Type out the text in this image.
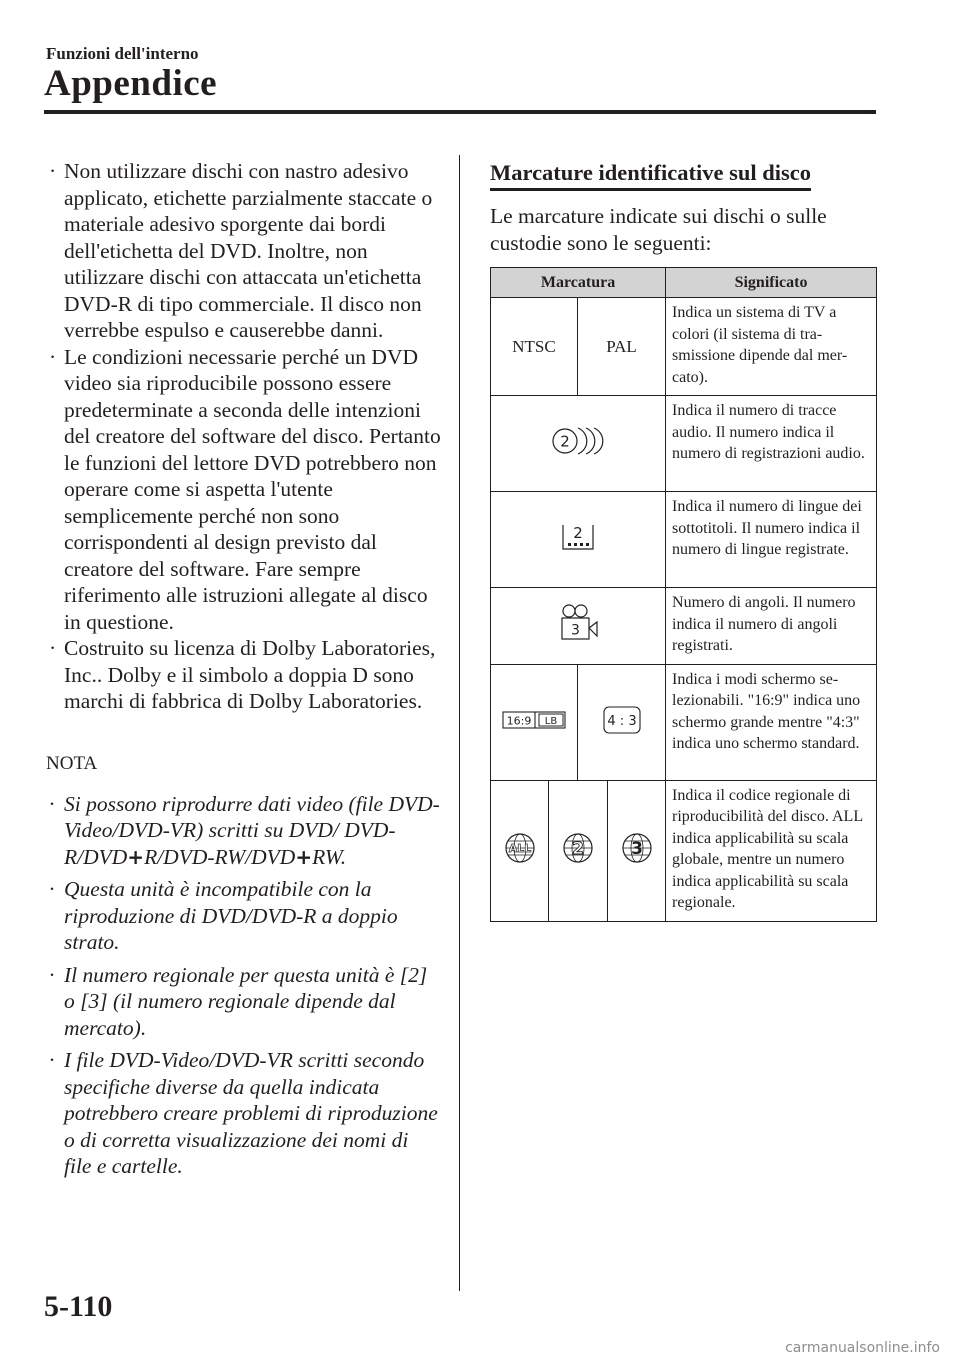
Funzioni dell'interno
Appendice
· Non utilizzare dischi con nastro adesivo applicato, etichette parzialmente staccate o materiale adesivo sporgente dai bordi dell'etichetta del DVD. Inoltre, non utilizzare dischi con attaccata un'etichetta DVD-R di tipo commerciale. Il disco non verrebbe espulso e causerebbe danni.
· Le condizioni necessarie perché un DVD video sia riproducibile possono essere predeterminate a seconda delle intenzioni del creatore del software del disco. Pertanto le funzioni del lettore DVD potrebbero non operare come si aspetta l'utente semplicemente perché non sono corrispondenti al design previsto dal creatore del software. Fare sempre riferimento alle istruzioni allegate al disco in questione.
· Costruito su licenza di Dolby Laboratories, Inc.. Dolby e il simbolo a doppia D sono marchi di fabbrica di Dolby Laboratories.
NOTA
· Si possono riprodurre dati video (file DVD-Video/DVD-VR) scritti su DVD/ DVD-R/DVD+R/DVD-RW/DVD+RW.
· Questa unità è incompatibile con la riproduzione di DVD/DVD-R a doppio strato.
· Il numero regionale per questa unità è [2] o [3] (il numero regionale dipende dal mercato).
· I file DVD-Video/DVD-VR scritti secondo specifiche diverse da quella indicata potrebbero creare problemi di riproduzione o di corretta visualizzazione dei nomi di file e cartelle.
Marcature identificative sul disco
Le marcature indicate sui dischi o sulle custodie sono le seguenti:
Marcatura				Significato
NTSC		PAL		Indica un sistema di TV a colori (il sistema di tra- smissione dipende dal mer- cato).

2				Indica il numero di tracce audio. Il numero indica il numero di registrazioni audio.

2				Indica il numero di lingue dei sottotitoli. Il numero indica il numero di lingue registrate.

3				Numero di angoli. Il numero indica il numero di angoli registrati.

16:9 LB		4 : 3		Indica i modi schermo se- lezionabili. "16:9" indica uno schermo grande mentre "4:3" indica uno schermo standard.

ALL	2		3	Indica il codice regionale di riproducibilità del disco. ALL indica applicabilità su scala globale, mentre un numero indica applicabilità su scala regionale.
5-110
carmanualsonline.info
